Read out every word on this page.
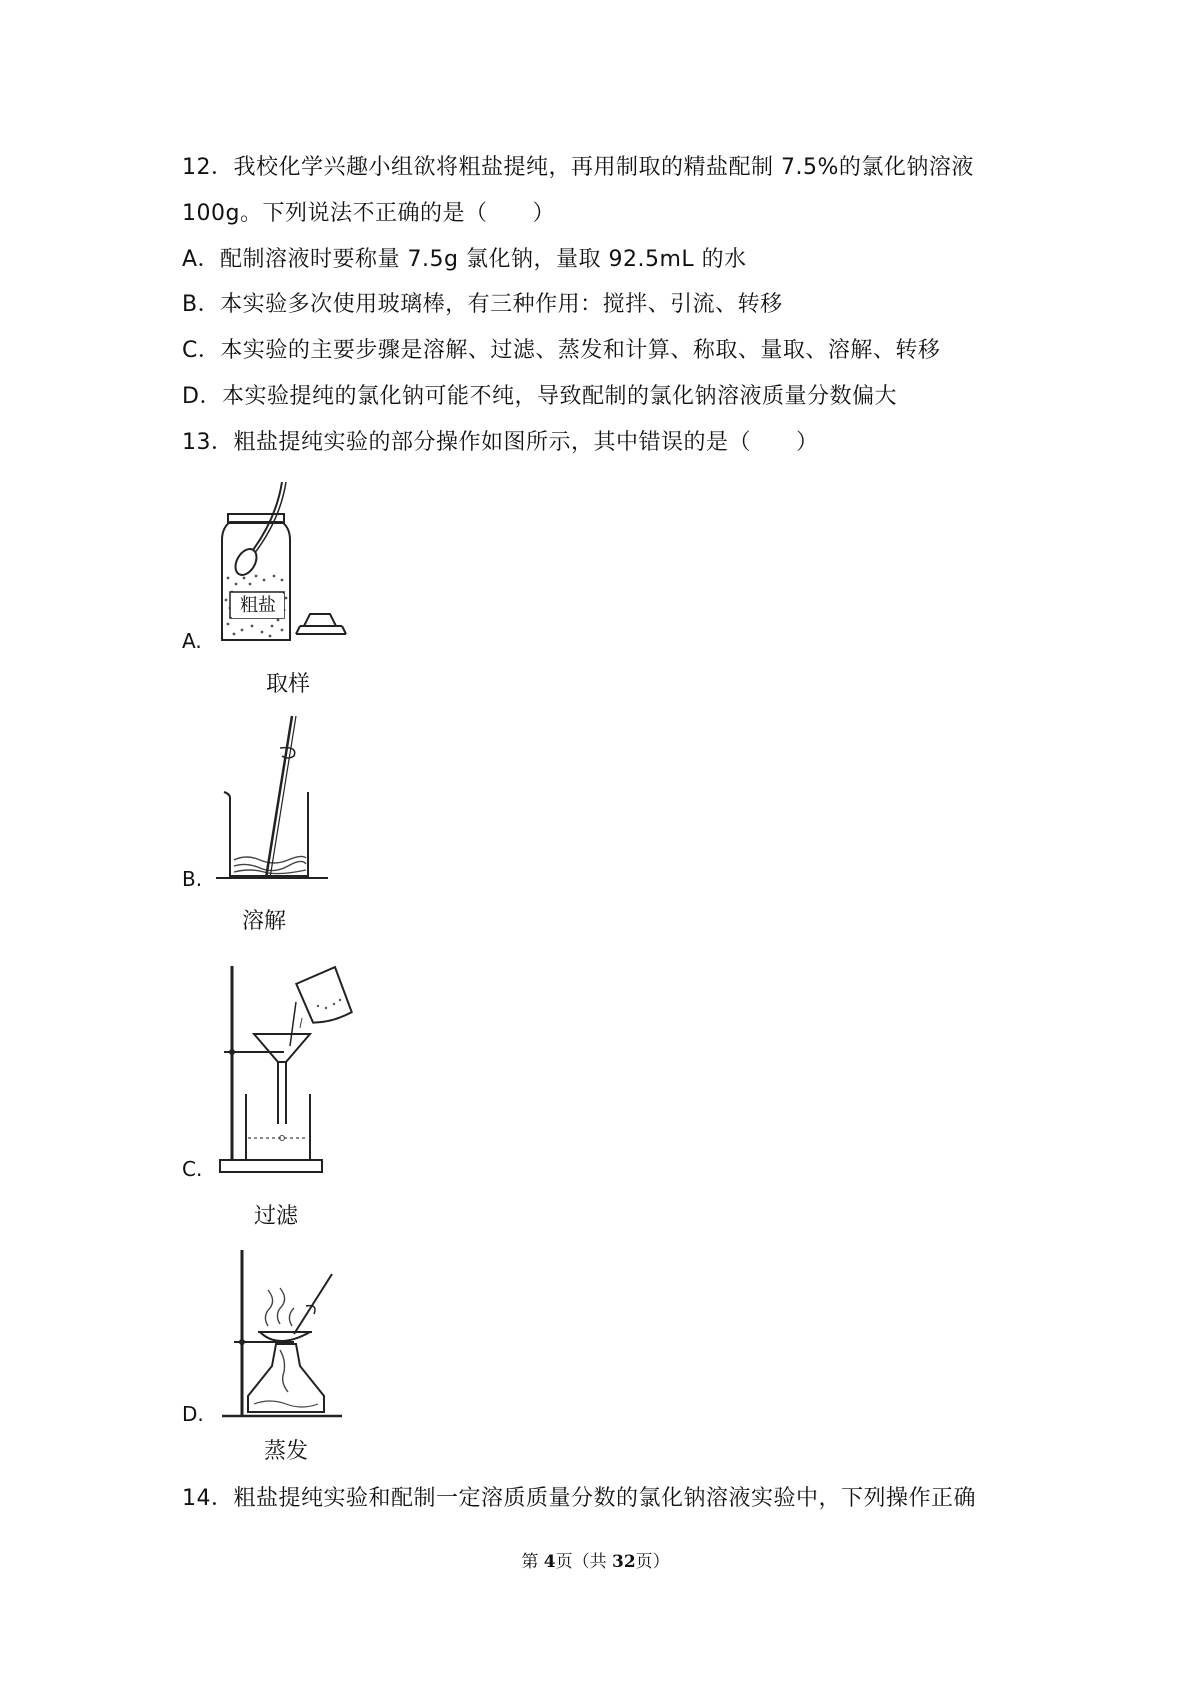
12．我校化学兴趣小组欲将粗盐提纯，再用制取的精盐配制 7.5%的氯化钠溶液
100g。下列说法不正确的是（　　）
A．配制溶液时要称量 7.5g 氯化钠，量取 92.5mL 的水
B．本实验多次使用玻璃棒，有三种作用：搅拌、引流、转移
C．本实验的主要步骤是溶解、过滤、蒸发和计算、称取、量取、溶解、转移
D．本实验提纯的氯化钠可能不纯，导致配制的氯化钠溶液质量分数偏大
13．粗盐提纯实验的部分操作如图所示，其中错误的是（　　）
A.
粗盐
取样
B.
溶解
C.
过滤
D.
蒸发
14．粗盐提纯实验和配制一定溶质质量分数的氯化钠溶液实验中，下列操作正确
第 4页（共 32页）
